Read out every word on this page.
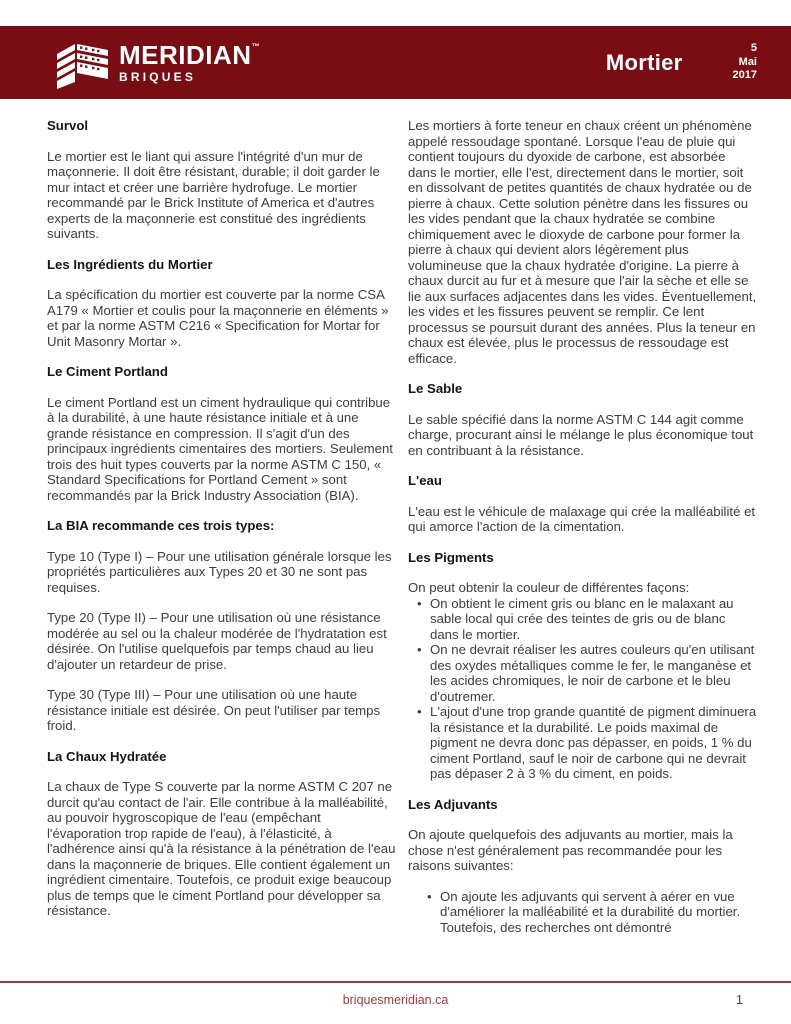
MERIDIAN™
BRIQUES
Mortier
5
Mai
2017
Survol

Le mortier est le liant qui assure l'intégrité d'un mur de maçonnerie. Il doit être résistant, durable; il doit garder le mur intact et créer une barrière hydrofuge. Le mortier recommandé par le Brick Institute of America et d'autres experts de la maçonnerie est constitué des ingrédients suivants.

Les Ingrédients du Mortier

La spécification du mortier est couverte par la norme CSA A179 « Mortier et coulis pour la maçonnerie en éléments » et par la norme ASTM C216 « Specification for Mortar for Unit Masonry Mortar ».

Le Ciment Portland

Le ciment Portland est un ciment hydraulique qui contribue à la durabilité, à une haute résistance initiale et à une grande résistance en compression. Il s'agit d'un des principaux ingrédients cimentaires des mortiers. Seulement trois des huit types couverts par la norme ASTM C 150, « Standard Specifications for Portland Cement » sont recommandés par la Brick Industry Association (BIA).

La BIA recommande ces trois types:

Type 10 (Type I) – Pour une utilisation générale lorsque les propriétés particulières aux Types 20 et 30 ne sont pas requises.

Type 20 (Type II) – Pour une utilisation où une résistance modérée au sel ou la chaleur modérée de l'hydratation est désirée. On l'utilise quelquefois par temps chaud au lieu d'ajouter un retardeur de prise.

Type 30 (Type III) – Pour une utilisation où une haute résistance initiale est désirée. On peut l'utiliser par temps froid.

La Chaux Hydratée

La chaux de Type S couverte par la norme ASTM C 207 ne durcit qu'au contact de l'air. Elle contribue à la malléabilité, au pouvoir hygroscopique de l'eau (empêchant l'évaporation trop rapide de l'eau), à l'élasticité, à l'adhérence ainsi qu'à la résistance à la pénétration de l'eau dans la maçonnerie de briques. Elle contient également un ingrédient cimentaire. Toutefois, ce produit exige beaucoup plus de temps que le ciment Portland pour développer sa résistance.

Les mortiers à forte teneur en chaux créent un phénomène appelé ressoudage spontané. Lorsque l'eau de pluie qui contient toujours du dyoxide de carbone, est absorbée dans le mortier, elle l'est, directement dans le mortier, soit en dissolvant de petites quantités de chaux hydratée ou de pierre à chaux. Cette solution pénètre dans les fissures ou les vides pendant que la chaux hydratée se combine chimiquement avec le dioxyde de carbone pour former la pierre à chaux qui devient alors légèrement plus volumineuse que la chaux hydratée d'origine. La pierre à chaux durcit au fur et à mesure que l'air la sèche et elle se lie aux surfaces adjacentes dans les vides. Éventuellement, les vides et les fissures peuvent se remplir. Ce lent processus se poursuit durant des années. Plus la teneur en chaux est élevée, plus le processus de ressoudage est efficace.

Le Sable

Le sable spécifié dans la norme ASTM C 144 agit comme charge, procurant ainsi le mélange le plus économique tout en contribuant à la résistance.

L'eau

L'eau est le véhicule de malaxage qui crée la malléabilité et qui amorce l'action de la cimentation.

Les Pigments

On peut obtenir la couleur de différentes façons:

• On obtient le ciment gris ou blanc en le malaxant au sable local qui crée des teintes de gris ou de blanc dans le mortier.
• On ne devrait réaliser les autres couleurs qu'en utilisant des oxydes métalliques comme le fer, le manganèse et les acides chromiques, le noir de carbone et le bleu d'outremer.
• L'ajout d'une trop grande quantité de pigment diminuera la résistance et la durabilité. Le poids maximal de pigment ne devra donc pas dépasser, en poids, 1 % du ciment Portland, sauf le noir de carbone qui ne devrait pas dépaser 2 à 3 % du ciment, en poids.
Les Adjuvants

On ajoute quelquefois des adjuvants au mortier, mais la chose n'est généralement pas recommandée pour les raisons suivantes:

• On ajoute les adjuvants qui servent à aérer en vue d'améliorer la malléabilité et la durabilité du mortier. Toutefois, des recherches ont démontré
briquesmeridian.ca	1
